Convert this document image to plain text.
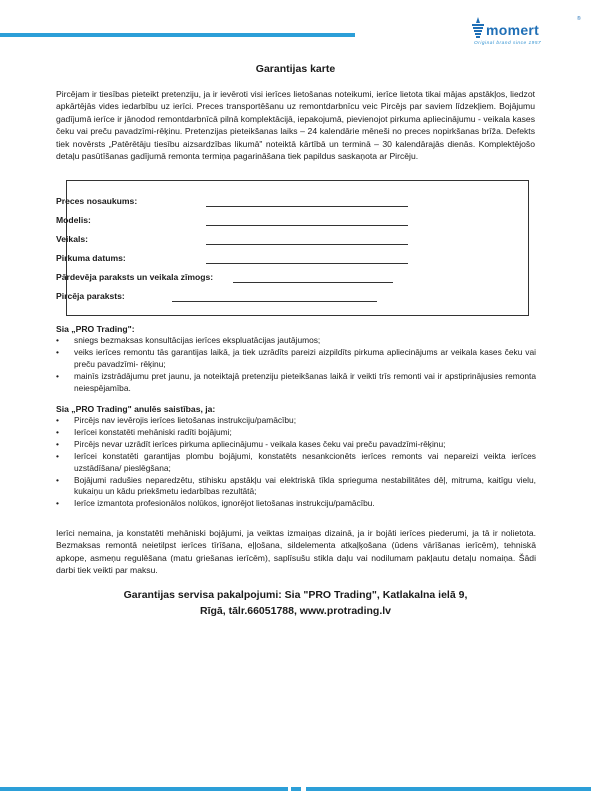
momert
®
Original brand since 1957
Garantijas karte

Pircējam ir tiesības pieteikt pretenziju, ja ir ievēroti visi ierīces lietošanas noteikumi, ierīce lietota tikai mājas apstākļos, liedzot apkārtējās vides iedarbību uz ierīci. Preces transportēšanu uz remontdarbnīcu veic Pircējs par saviem līdzekļiem. Bojājumu gadījumā ierīce ir jānodod remontdarbnīcā pilnā komplektācijā, iepakojumā, pievienojot pirkuma apliecinājumu - veikala kases čeku vai preču pavadzīmi-rēķinu. Pretenzijas pieteikšanas laiks – 24 kalendārie mēneši no preces nopirkšanas brīža. Defekts tiek novērsts „Patērētāju tiesību aizsardzības likumā" noteiktā kārtībā un terminā – 30 kalendārajās dienās. Komplektējošo detaļu pasūtīšanas gadījumā remonta termiņa pagarināšana tiek papildus saskaņota ar Pircēju.

Preces nosaukums:
Modelis:
Veikals:
Pirkuma datums:
Pārdevēja paraksts un veikala zīmogs:
Pircēja paraksts:
Sia „PRO Trading":
• sniegs bezmaksas konsultācijas ierīces ekspluatācijas jautājumos;
• veiks ierīces remontu tās garantijas laikā, ja tiek uzrādīts pareizi aizpildīts pirkuma apliecinājums ar veikala kases čeku vai preču pavadzīmi- rēķinu;
• mainīs izstrādājumu pret jaunu, ja noteiktajā pretenziju pieteikšanas laikā ir veikti trīs remonti vai ir apstiprinājusies remonta neiespējamība.
Sia „PRO Trading" anulēs saistības, ja:
• Pircējs nav ievērojis ierīces lietošanas instrukciju/pamācību;
• Ierīcei konstatēti mehāniski radīti bojājumi;
• Pircējs nevar uzrādīt ierīces pirkuma apliecinājumu - veikala kases čeku vai preču pavadzīmi-rēķinu;
• Ierīcei konstatēti garantijas plombu bojājumi, konstatēts nesankcionēts ierīces remonts vai nepareizi veikta ierīces uzstādīšana/ pieslēgšana;
• Bojājumi radušies neparedzētu, stihisku apstākļu vai elektriskā tīkla sprieguma nestabilitātes dēļ, mitruma, kaitīgu vielu, kukaiņu un kādu priekšmetu iedarbības rezultātā;
• Ierīce izmantota profesionālos nolūkos, ignorējot lietošanas instrukciju/pamācību.

Ierīci nemaina, ja konstatēti mehāniski bojājumi, ja veiktas izmaiņas dizainā, ja ir bojāti ierīces piederumi, ja tā ir nolietota. Bezmaksas remontā neietilpst ierīces tīrīšana, eļļošana, sildelementa atkaļķošana (ūdens vārīšanas ierīcēm), tehniskā apkope, asmeņu regulēšana (matu griešanas ierīcēm), saplīsušu stikla daļu vai nodilumam pakļautu detaļu nomaiņa. Šādi darbi tiek veikti par maksu.

Garantijas servisa pakalpojumi: Sia "PRO Trading", Katlakalna ielā 9,
Rīgā, tālr.66051788, www.protrading.lv
